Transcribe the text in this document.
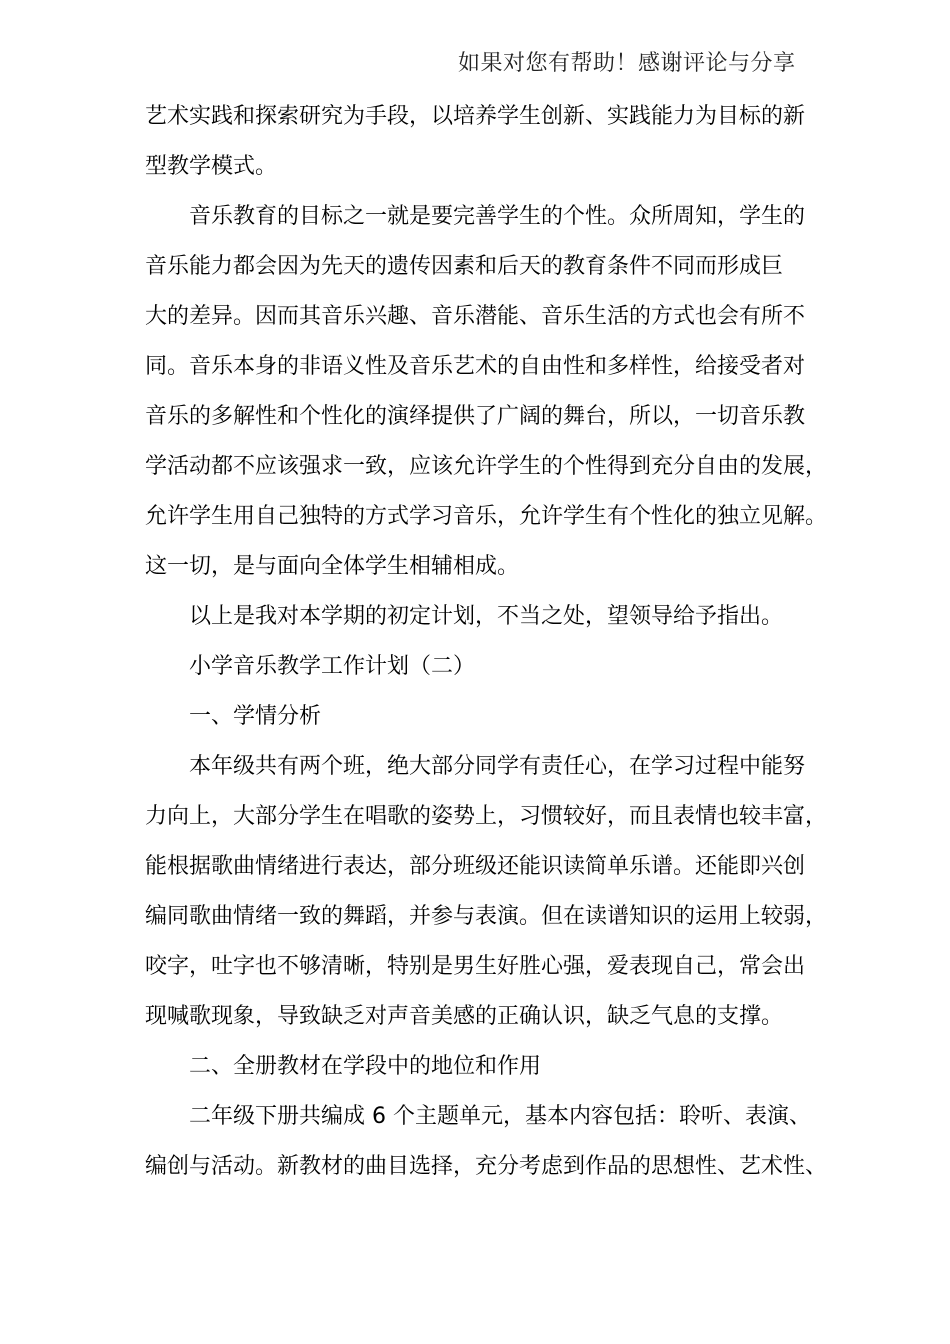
如果对您有帮助！感谢评论与分享
艺术实践和探索研究为手段，以培养学生创新、实践能力为目标的新
型教学模式。
音乐教育的目标之一就是要完善学生的个性。众所周知，学生的
音乐能力都会因为先天的遗传因素和后天的教育条件不同而形成巨
大的差异。因而其音乐兴趣、音乐潜能、音乐生活的方式也会有所不
同。音乐本身的非语义性及音乐艺术的自由性和多样性，给接受者对
音乐的多解性和个性化的演绎提供了广阔的舞台，所以，一切音乐教
学活动都不应该强求一致，应该允许学生的个性得到充分自由的发展，
允许学生用自己独特的方式学习音乐，允许学生有个性化的独立见解。
这一切，是与面向全体学生相辅相成。
以上是我对本学期的初定计划，不当之处，望领导给予指出。
小学音乐教学工作计划（二）
一、学情分析
本年级共有两个班，绝大部分同学有责任心，在学习过程中能努
力向上，大部分学生在唱歌的姿势上，习惯较好，而且表情也较丰富，
能根据歌曲情绪进行表达，部分班级还能识读简单乐谱。还能即兴创
编同歌曲情绪一致的舞蹈，并参与表演。但在读谱知识的运用上较弱，
咬字，吐字也不够清晰，特别是男生好胜心强，爱表现自己，常会出
现喊歌现象，导致缺乏对声音美感的正确认识，缺乏气息的支撑。
二、全册教材在学段中的地位和作用
二年级下册共编成 6 个主题单元，基本内容包括：聆听、表演、
编创与活动。新教材的曲目选择，充分考虑到作品的思想性、艺术性、
